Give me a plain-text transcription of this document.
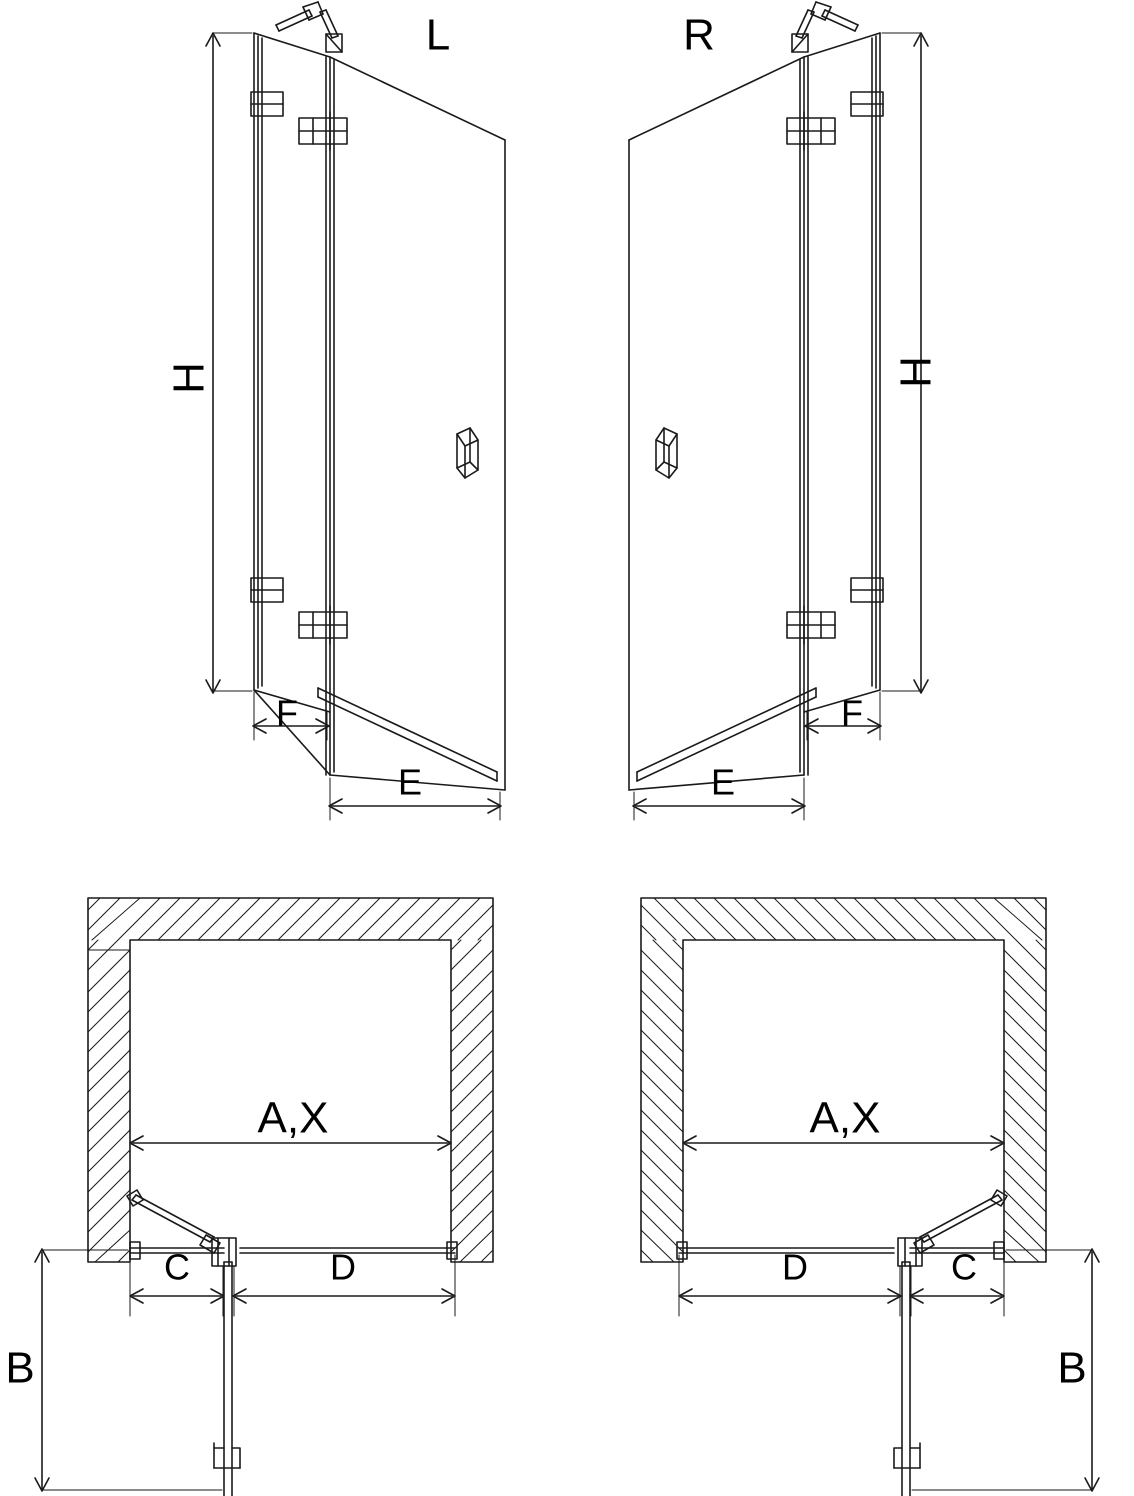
L	R
H	H
F	F
E	E
A,X	A,X
C	D	D	C
B	B
